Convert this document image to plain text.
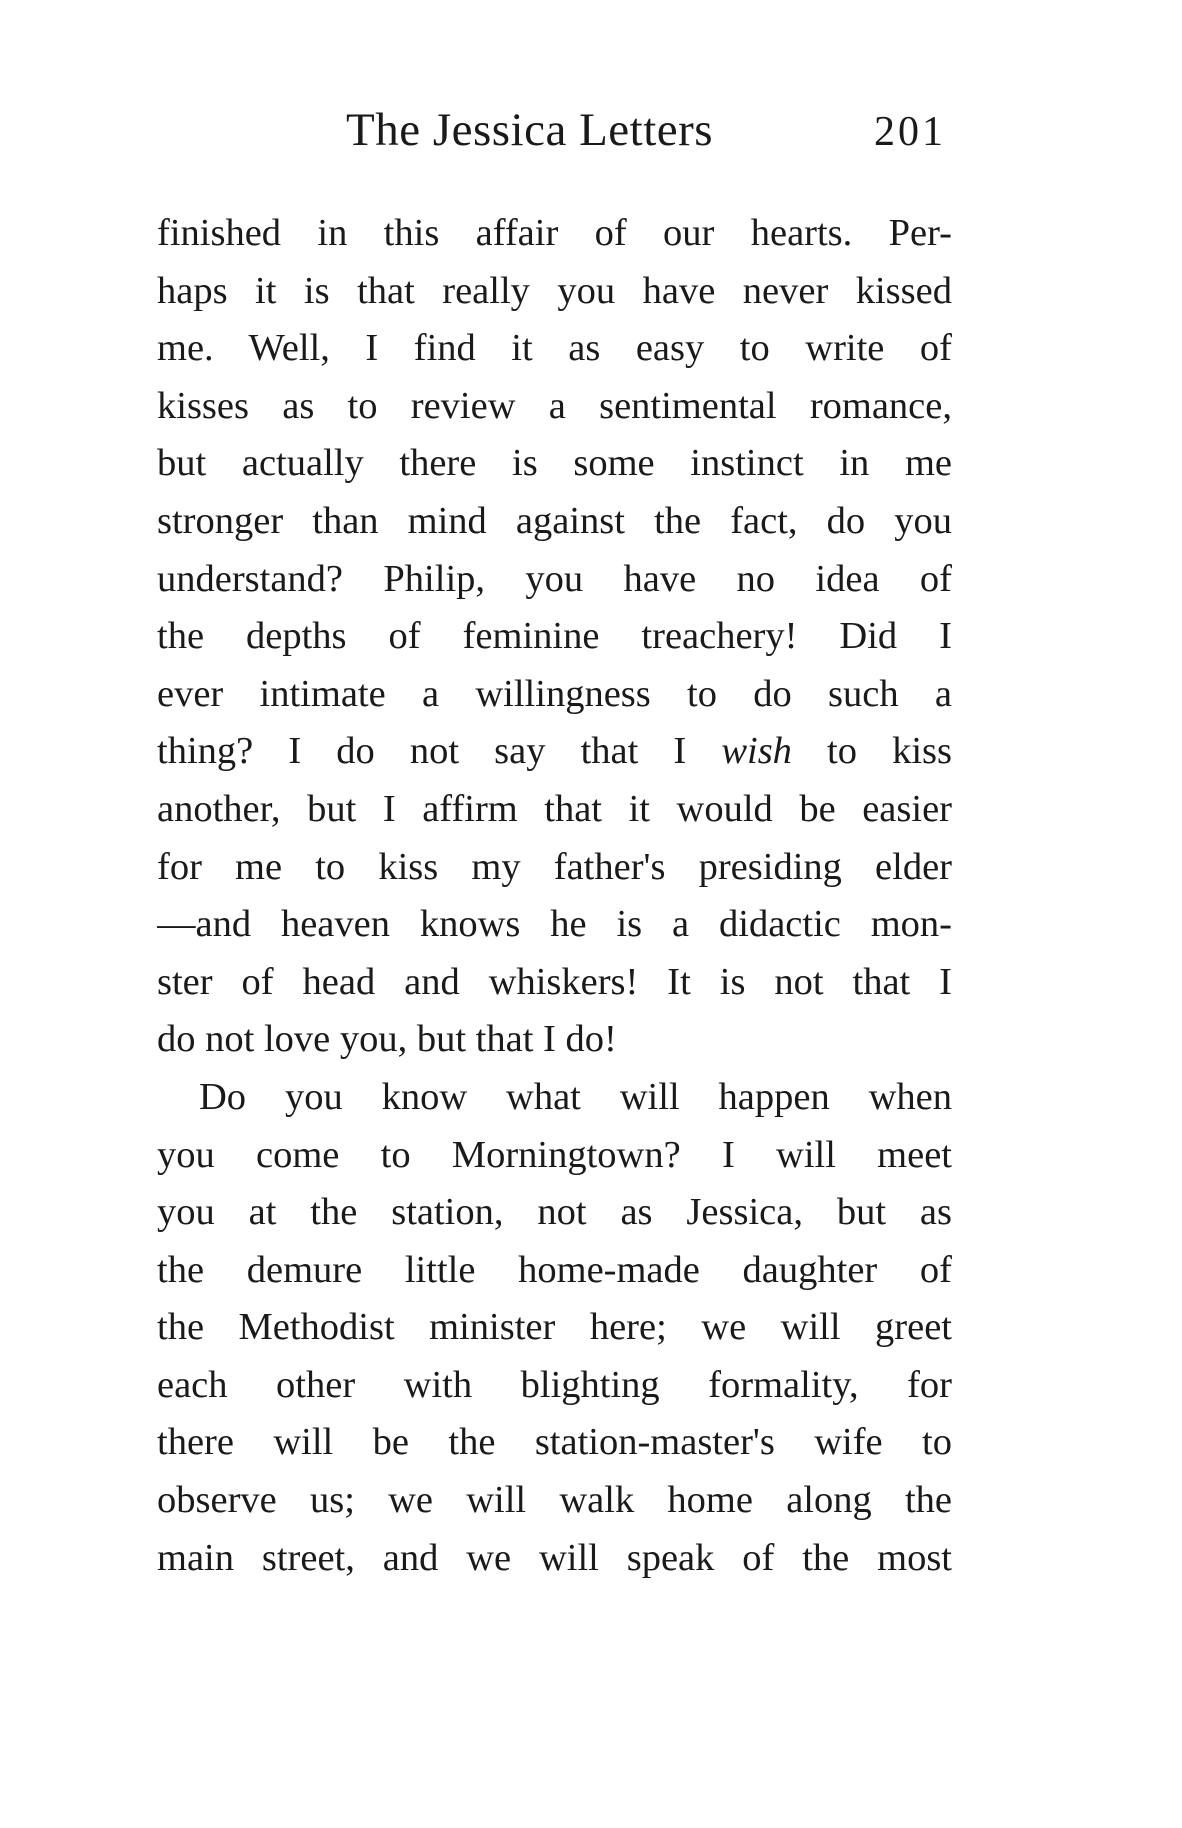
The Jessica Letters	201
finished in this affair of our hearts. Per-
haps it is that really you have never kissed
me. Well, I find it as easy to write of
kisses as to review a sentimental romance,
but actually there is some instinct in me
stronger than mind against the fact, do you
understand? Philip, you have no idea of
the depths of feminine treachery! Did I
ever intimate a willingness to do such a
thing? I do not say that I wish to kiss
another, but I affirm that it would be easier
for me to kiss my father's presiding elder
—and heaven knows he is a didactic mon-
ster of head and whiskers! It is not that I
do not love you, but that I do!
Do you know what will happen when
you come to Morningtown? I will meet
you at the station, not as Jessica, but as
the demure little home-made daughter of
the Methodist minister here; we will greet
each other with blighting formality, for
there will be the station-master's wife to
observe us; we will walk home along the
main street, and we will speak of the most
